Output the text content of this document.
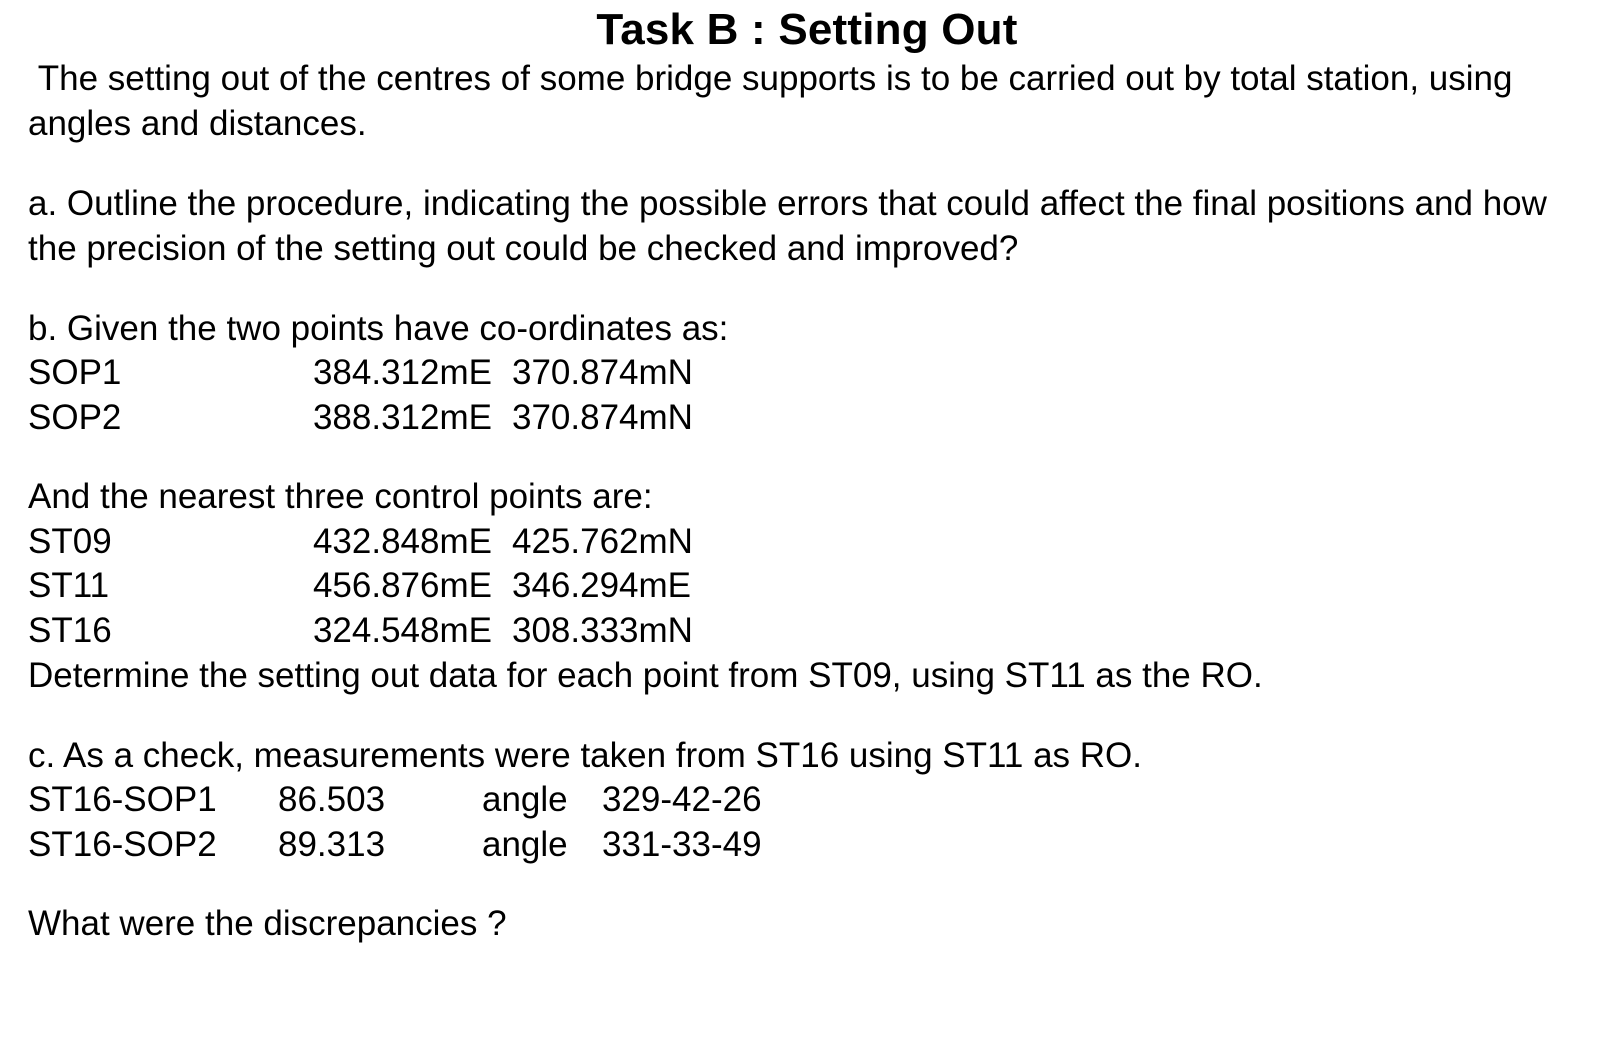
Task B : Setting Out

The setting out of the centres of some bridge supports is to be carried out by total station, using angles and distances.

a. Outline the procedure, indicating the possible errors that could affect the final positions and how the precision of the setting out could be checked and improved?

b. Given the two points have co-ordinates as:

SOP1	384.312mE	370.874mN
SOP2	388.312mE	370.874mN

And the nearest three control points are:

ST09	432.848mE	425.762mN
ST11	456.876mE	346.294mE
ST16	324.548mE	308.333mN

Determine the setting out data for each point from ST09, using ST11 as the RO.

c. As a check, measurements were taken from ST16 using ST11 as RO.

ST16-SOP1	86.503	angle	329-42-26
ST16-SOP2	89.313	angle	331-33-49

What were the discrepancies ?
